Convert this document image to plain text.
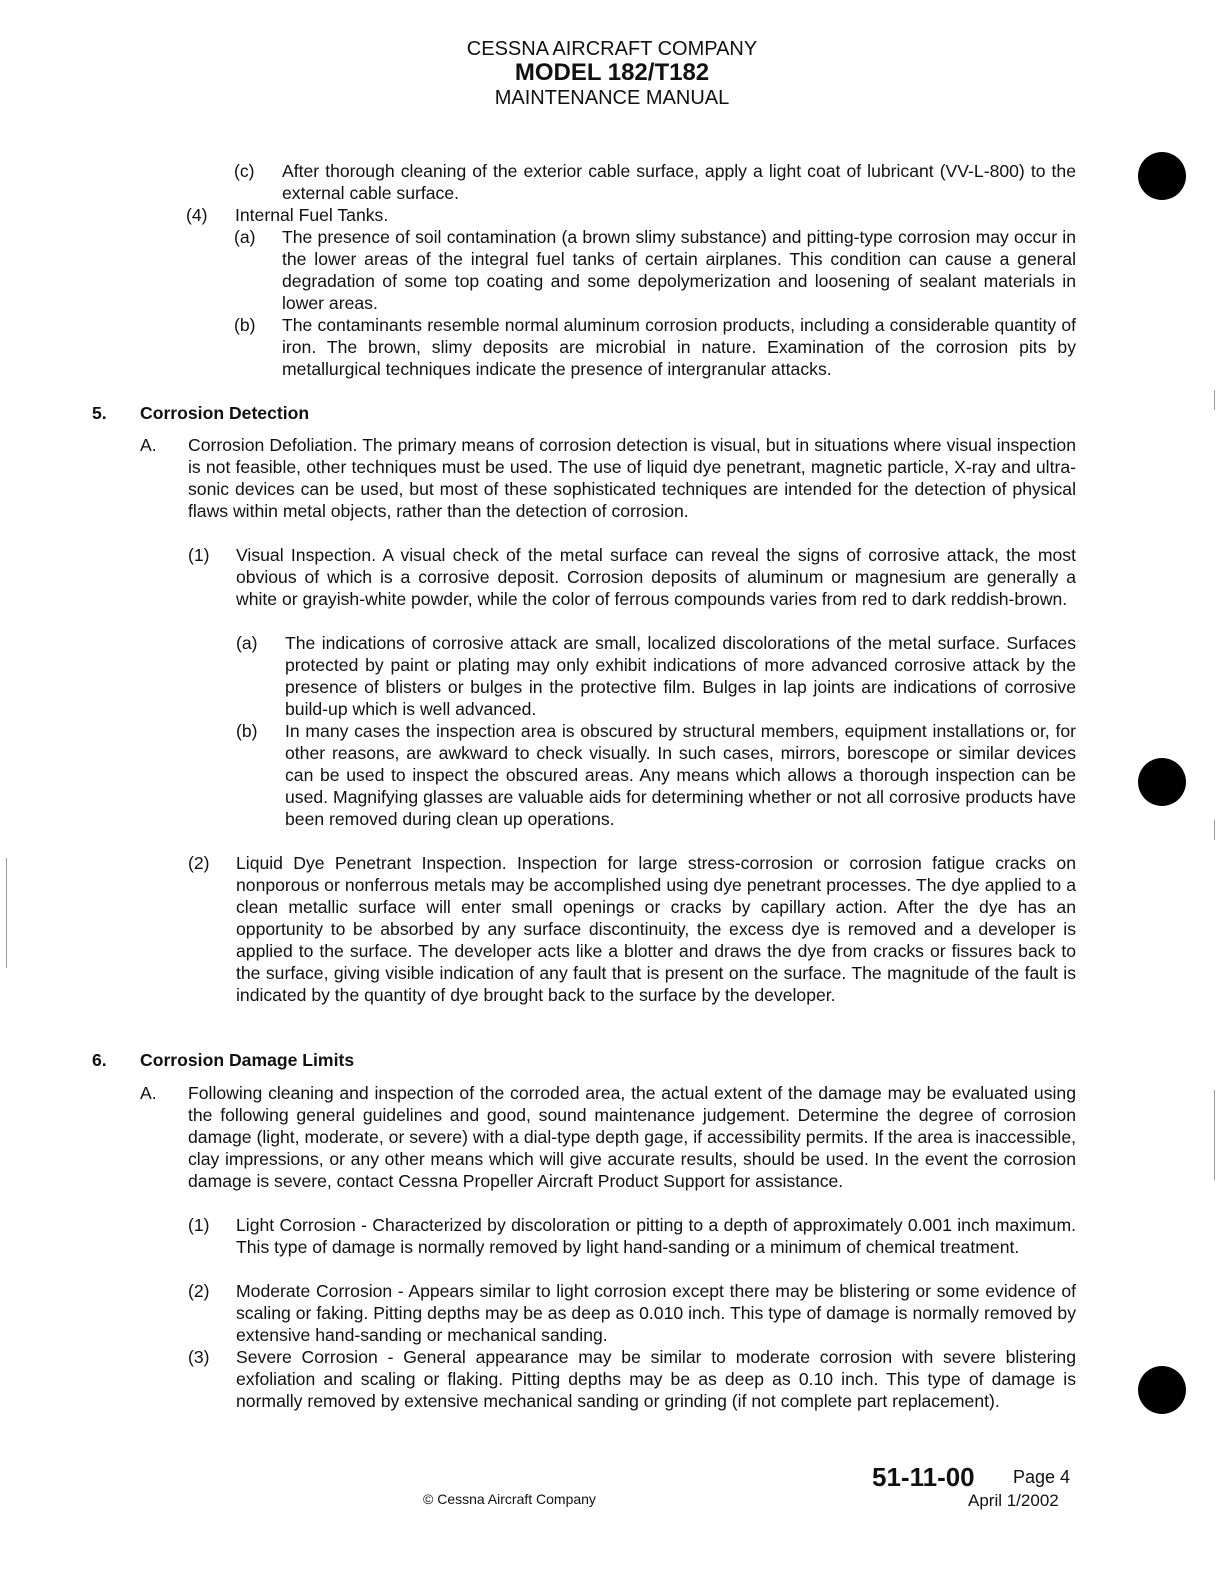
CESSNA AIRCRAFT COMPANY
MODEL 182/T182
MAINTENANCE MANUAL
(c) After thorough cleaning of the exterior cable surface, apply a light coat of lubricant (VV-L-800) to the external cable surface.
(4) Internal Fuel Tanks.
(a) The presence of soil contamination (a brown slimy substance) and pitting-type corrosion may occur in the lower areas of the integral fuel tanks of certain airplanes. This condition can cause a general degradation of some top coating and some depolymerization and loosening of sealant materials in lower areas.
(b) The contaminants resemble normal aluminum corrosion products, including a considerable quantity of iron. The brown, slimy deposits are microbial in nature. Examination of the corrosion pits by metallurgical techniques indicate the presence of intergranular attacks.
5. Corrosion Detection
A. Corrosion Defoliation. The primary means of corrosion detection is visual, but in situations where visual inspection is not feasible, other techniques must be used. The use of liquid dye penetrant, magnetic particle, X-ray and ultra-sonic devices can be used, but most of these sophisticated techniques are intended for the detection of physical flaws within metal objects, rather than the detection of corrosion.
(1) Visual Inspection. A visual check of the metal surface can reveal the signs of corrosive attack, the most obvious of which is a corrosive deposit. Corrosion deposits of aluminum or magnesium are generally a white or grayish-white powder, while the color of ferrous compounds varies from red to dark reddish-brown.
(a) The indications of corrosive attack are small, localized discolorations of the metal surface. Surfaces protected by paint or plating may only exhibit indications of more advanced corrosive attack by the presence of blisters or bulges in the protective film. Bulges in lap joints are indications of corrosive build-up which is well advanced.
(b) In many cases the inspection area is obscured by structural members, equipment installations or, for other reasons, are awkward to check visually. In such cases, mirrors, borescope or similar devices can be used to inspect the obscured areas. Any means which allows a thorough inspection can be used. Magnifying glasses are valuable aids for determining whether or not all corrosive products have been removed during clean up operations.
(2) Liquid Dye Penetrant Inspection. Inspection for large stress-corrosion or corrosion fatigue cracks on nonporous or nonferrous metals may be accomplished using dye penetrant processes. The dye applied to a clean metallic surface will enter small openings or cracks by capillary action. After the dye has an opportunity to be absorbed by any surface discontinuity, the excess dye is removed and a developer is applied to the surface. The developer acts like a blotter and draws the dye from cracks or fissures back to the surface, giving visible indication of any fault that is present on the surface. The magnitude of the fault is indicated by the quantity of dye brought back to the surface by the developer.
6. Corrosion Damage Limits
A. Following cleaning and inspection of the corroded area, the actual extent of the damage may be evaluated using the following general guidelines and good, sound maintenance judgement. Determine the degree of corrosion damage (light, moderate, or severe) with a dial-type depth gage, if accessibility permits. If the area is inaccessible, clay impressions, or any other means which will give accurate results, should be used. In the event the corrosion damage is severe, contact Cessna Propeller Aircraft Product Support for assistance.
(1) Light Corrosion - Characterized by discoloration or pitting to a depth of approximately 0.001 inch maximum. This type of damage is normally removed by light hand-sanding or a minimum of chemical treatment.
(2) Moderate Corrosion - Appears similar to light corrosion except there may be blistering or some evidence of scaling or faking. Pitting depths may be as deep as 0.010 inch. This type of damage is normally removed by extensive hand-sanding or mechanical sanding.
(3) Severe Corrosion - General appearance may be similar to moderate corrosion with severe blistering exfoliation and scaling or flaking. Pitting depths may be as deep as 0.10 inch. This type of damage is normally removed by extensive mechanical sanding or grinding (if not complete part replacement).
51-11-00 Page 4
April 1/2002
© Cessna Aircraft Company
